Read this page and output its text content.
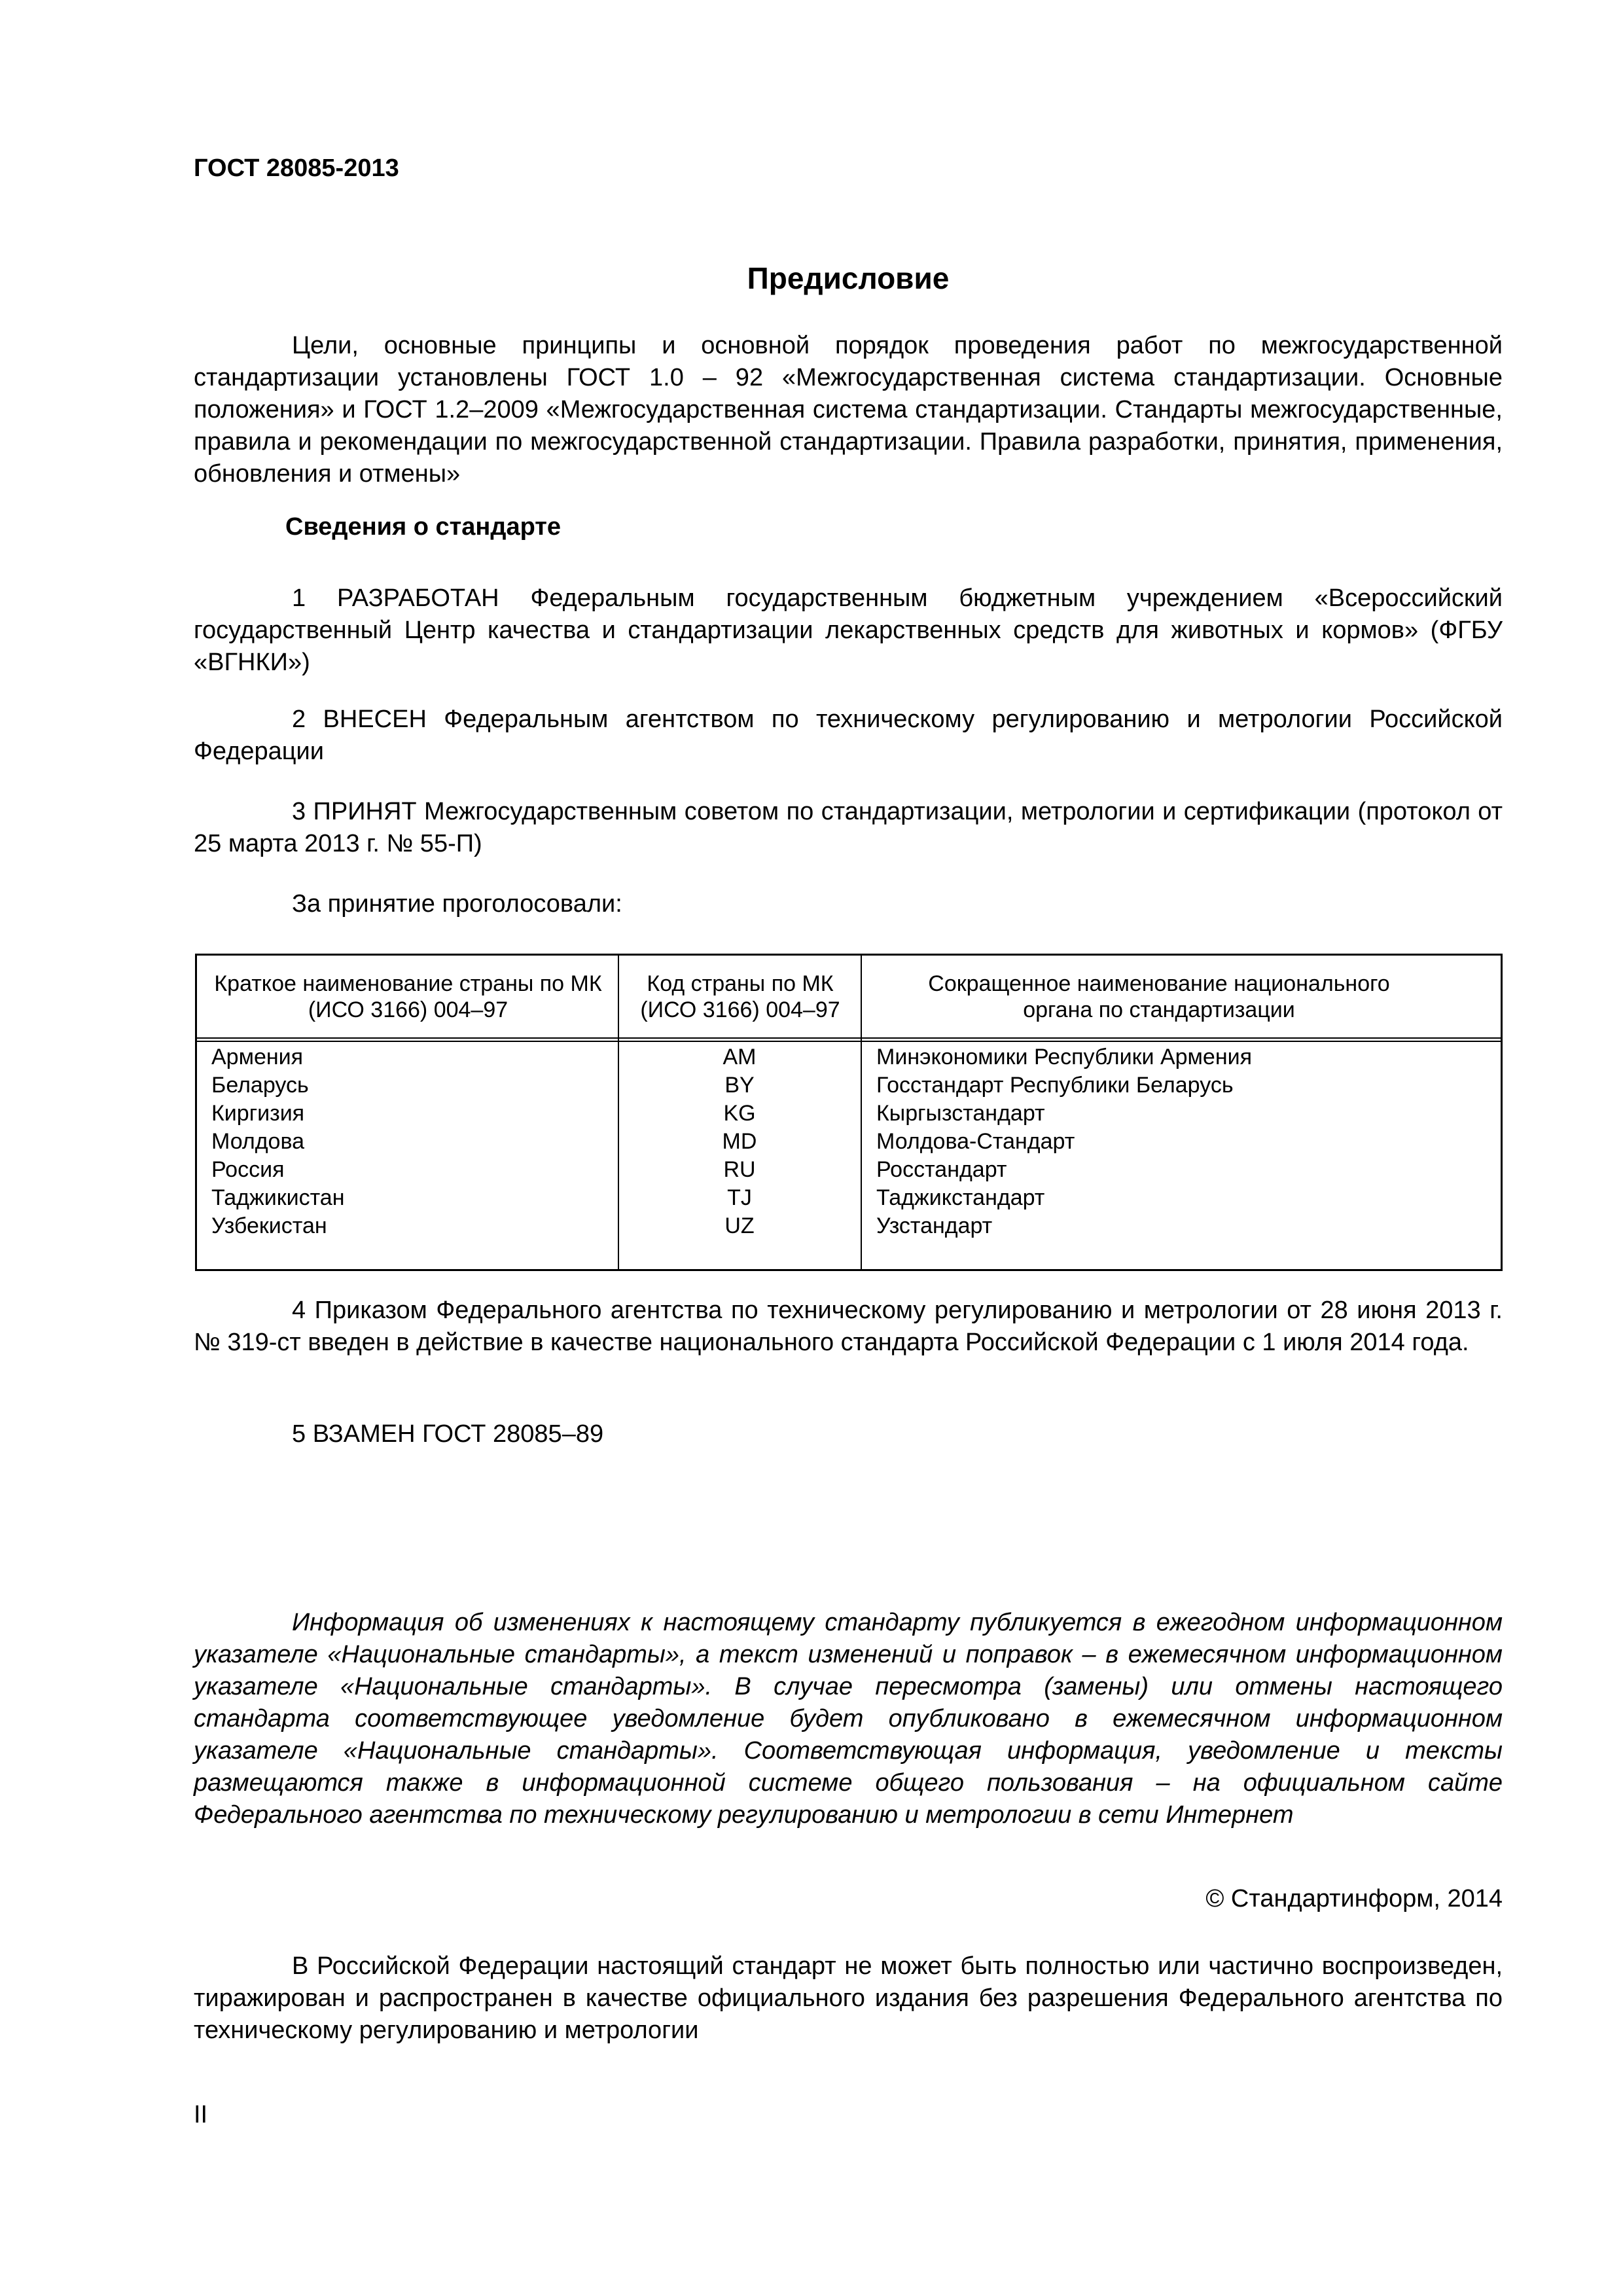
ГОСТ 28085-2013
Предисловие
Цели, основные принципы и основной порядок проведения работ по межгосударственной стандартизации установлены ГОСТ 1.0 – 92 «Межгосударственная система стандартизации. Основные положения» и ГОСТ 1.2–2009 «Межгосударственная система стандартизации. Стандарты межгосударственные, правила и рекомендации по межгосударственной стандартизации. Правила разработки, принятия, применения, обновления и отмены»
Сведения о стандарте
1 РАЗРАБОТАН Федеральным государственным бюджетным учреждением «Всероссийский государственный Центр качества и стандартизации лекарственных средств для животных и кормов» (ФГБУ «ВГНКИ»)
2 ВНЕСЕН Федеральным агентством по техническому регулированию и метрологии Российской Федерации
3 ПРИНЯТ Межгосударственным советом по стандартизации, метрологии и сертификации (протокол от 25 марта 2013 г. № 55-П)
За принятие проголосовали:
Краткое наименование страны по МК (ИСО 3166) 004–97
Код страны по МК (ИСО 3166) 004–97
Сокращенное наименование национального органа по стандартизации
Армения
Беларусь
Киргизия
Молдова
Россия
Таджикистан
Узбекистан
AM
BY
KG
MD
RU
TJ
UZ
Минэкономики Республики Армения
Госстандарт Республики Беларусь
Кыргызстандарт
Молдова-Стандарт
Росстандарт
Таджикстандарт
Узстандарт
4 Приказом Федерального агентства по техническому регулированию и метрологии от 28 июня 2013 г. № 319-ст введен в действие в качестве национального стандарта Российской Федерации с 1 июля 2014 года.
5 ВЗАМЕН ГОСТ 28085–89
Информация об изменениях к настоящему стандарту публикуется в ежегодном информационном указателе «Национальные стандарты», а текст изменений и поправок – в ежемесячном информационном указателе «Национальные стандарты». В случае пересмотра (замены) или отмены настоящего стандарта соответствующее уведомление будет опубликовано в ежемесячном информационном указателе «Национальные стандарты». Соответствующая информация, уведомление и тексты размещаются также в информационной системе общего пользования – на официальном сайте Федерального агентства по техническому регулированию и метрологии в сети Интернет
© Стандартинформ, 2014
В Российской Федерации настоящий стандарт не может быть полностью или частично воспроизведен, тиражирован и распространен в качестве официального издания без разрешения Федерального агентства по техническому регулированию и метрологии
II
